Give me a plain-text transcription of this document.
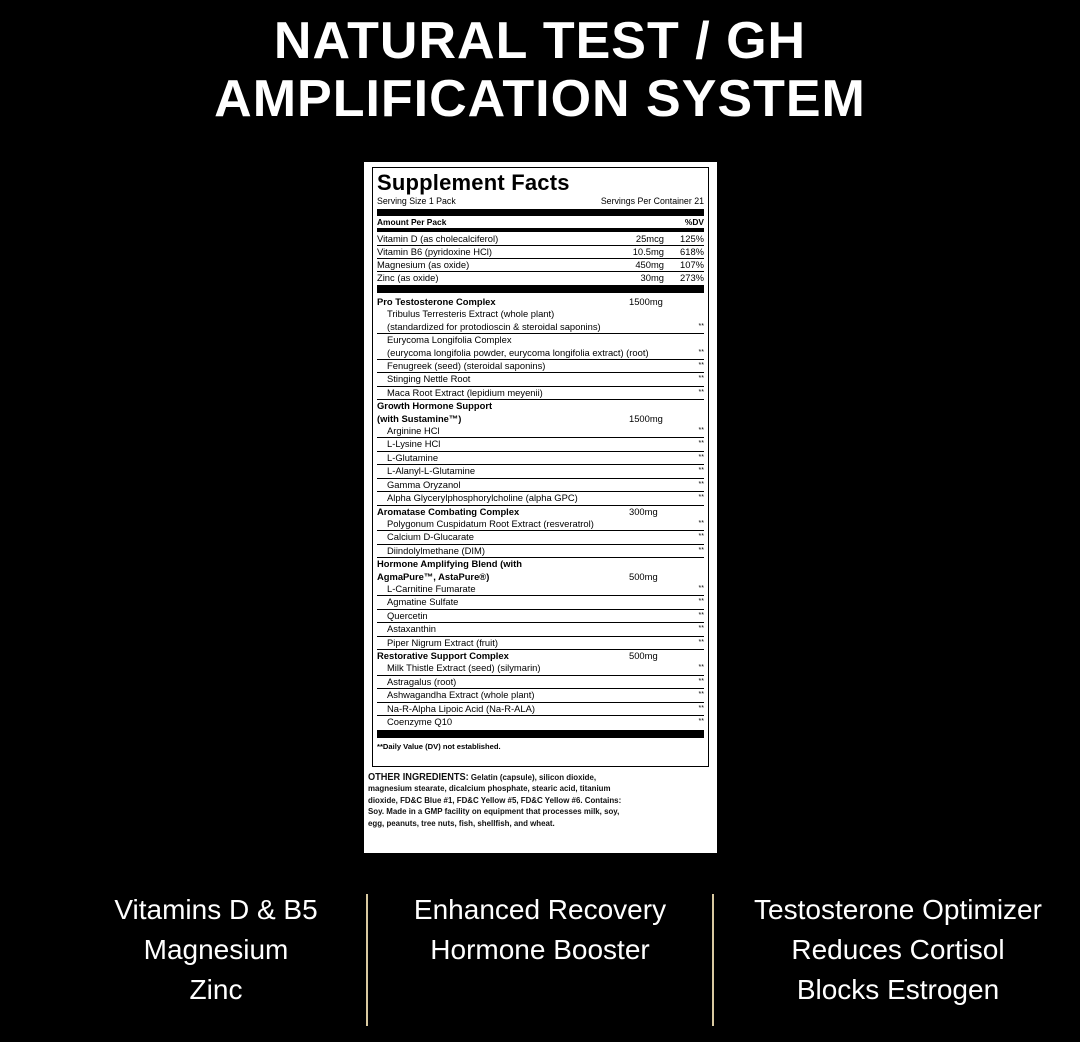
NATURAL TEST / GH
AMPLIFICATION SYSTEM
Supplement Facts
Serving Size 1 Pack	Servings Per Container 21
Amount Per Pack	%DV
Vitamin D (as cholecalciferol)	25mcg	125%
Vitamin B6 (pyridoxine HCl)	10.5mg	618%
Magnesium (as oxide)	450mg	107%
Zinc (as oxide)	30mg	273%
Pro Testosterone Complex	1500mg
Tribulus Terresteris Extract (whole plant)
(standardized for protodioscin & steroidal saponins)	**
Eurycoma Longifolia Complex
(eurycoma longifolia powder, eurycoma longifolia extract) (root)	**
Fenugreek (seed) (steroidal saponins)	**
Stinging Nettle Root	**
Maca Root Extract (lepidium meyenii)	**
Growth Hormone Support
(with Sustamine™)	1500mg
Arginine HCl	**
L-Lysine HCl	**
L-Glutamine	**
L-Alanyl-L-Glutamine	**
Gamma Oryzanol	**
Alpha Glycerylphosphorylcholine (alpha GPC)	**
Aromatase Combating Complex	300mg
Polygonum Cuspidatum Root Extract (resveratrol)	**
Calcium D-Glucarate	**
Diindolylmethane (DIM)	**
Hormone Amplifying Blend (with
AgmaPure™, AstaPure®)	500mg
L-Carnitine Fumarate	**
Agmatine Sulfate	**
Quercetin	**
Astaxanthin	**
Piper Nigrum Extract (fruit)	**
Restorative Support Complex	500mg
Milk Thistle Extract (seed) (silymarin)	**
Astragalus (root)	**
Ashwagandha Extract (whole plant)	**
Na-R-Alpha Lipoic Acid (Na-R-ALA)	**
Coenzyme Q10	**
**Daily Value (DV) not established.
OTHER INGREDIENTS: Gelatin (capsule), silicon dioxide, magnesium stearate, dicalcium phosphate, stearic acid, titanium dioxide, FD&C Blue #1, FD&C Yellow #5, FD&C Yellow #6. Contains: Soy. Made in a GMP facility on equipment that processes milk, soy, egg, peanuts, tree nuts, fish, shellfish, and wheat.
Vitamins D & B5
Magnesium
Zinc
Enhanced Recovery
Hormone Booster
Testosterone Optimizer
Reduces Cortisol
Blocks Estrogen
